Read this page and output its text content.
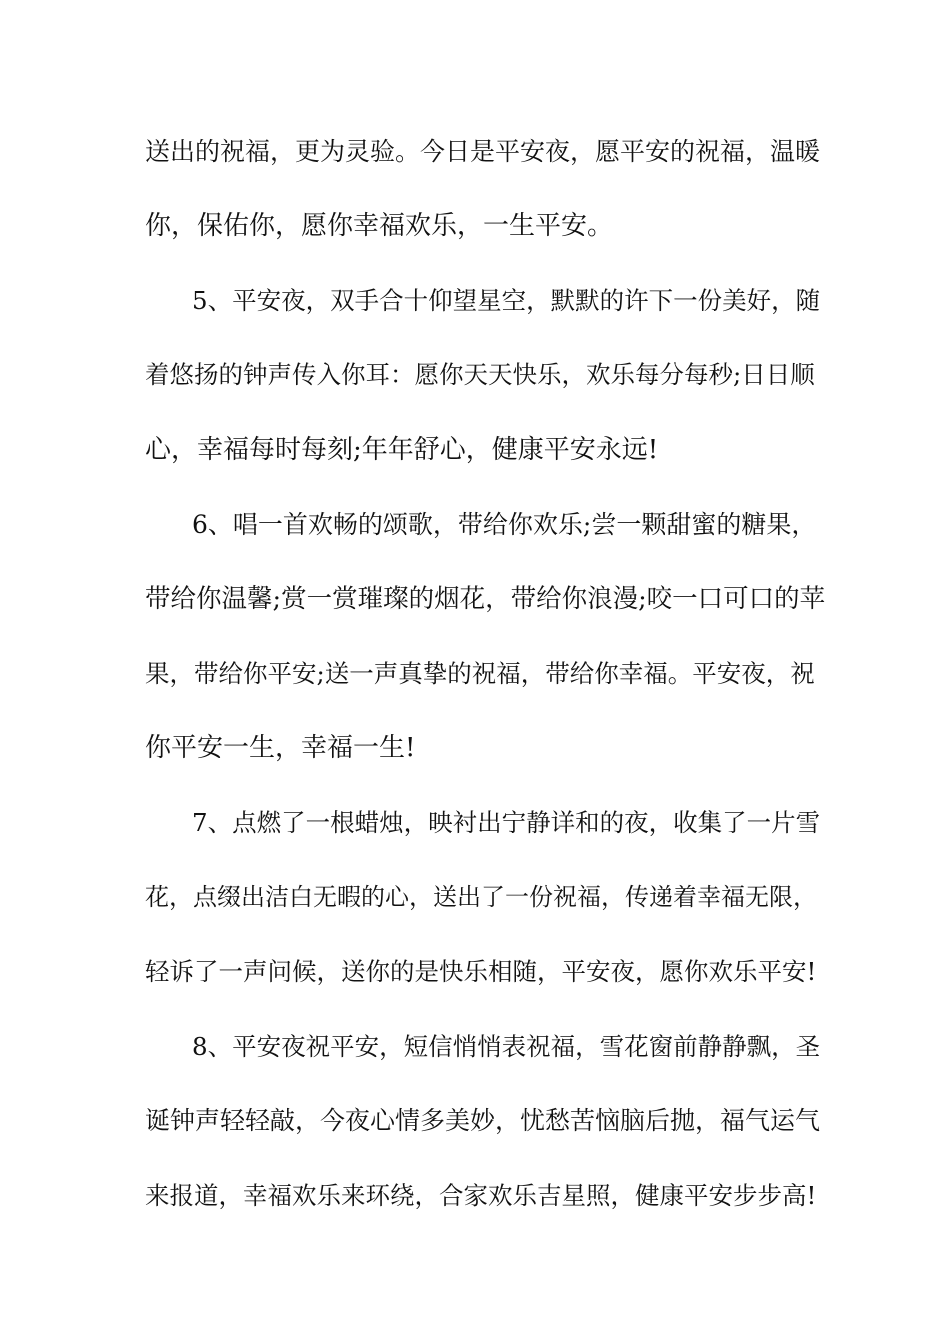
送出的祝福，更为灵验。今日是平安夜，愿平安的祝福，温暖
你，保佑你，愿你幸福欢乐，一生平安。
5、平安夜，双手合十仰望星空，默默的许下一份美好，随
着悠扬的钟声传入你耳：愿你天天快乐，欢乐每分每秒;日日顺
心，幸福每时每刻;年年舒心，健康平安永远!
6、唱一首欢畅的颂歌，带给你欢乐;尝一颗甜蜜的糖果，
带给你温馨;赏一赏璀璨的烟花，带给你浪漫;咬一口可口的苹
果，带给你平安;送一声真挚的祝福，带给你幸福。平安夜，祝
你平安一生，幸福一生!
7、点燃了一根蜡烛，映衬出宁静详和的夜，收集了一片雪
花，点缀出洁白无暇的心，送出了一份祝福，传递着幸福无限，
轻诉了一声问候，送你的是快乐相随，平安夜，愿你欢乐平安!
8、平安夜祝平安，短信悄悄表祝福，雪花窗前静静飘，圣
诞钟声轻轻敲，今夜心情多美妙，忧愁苦恼脑后抛，福气运气
来报道，幸福欢乐来环绕，合家欢乐吉星照，健康平安步步高!
